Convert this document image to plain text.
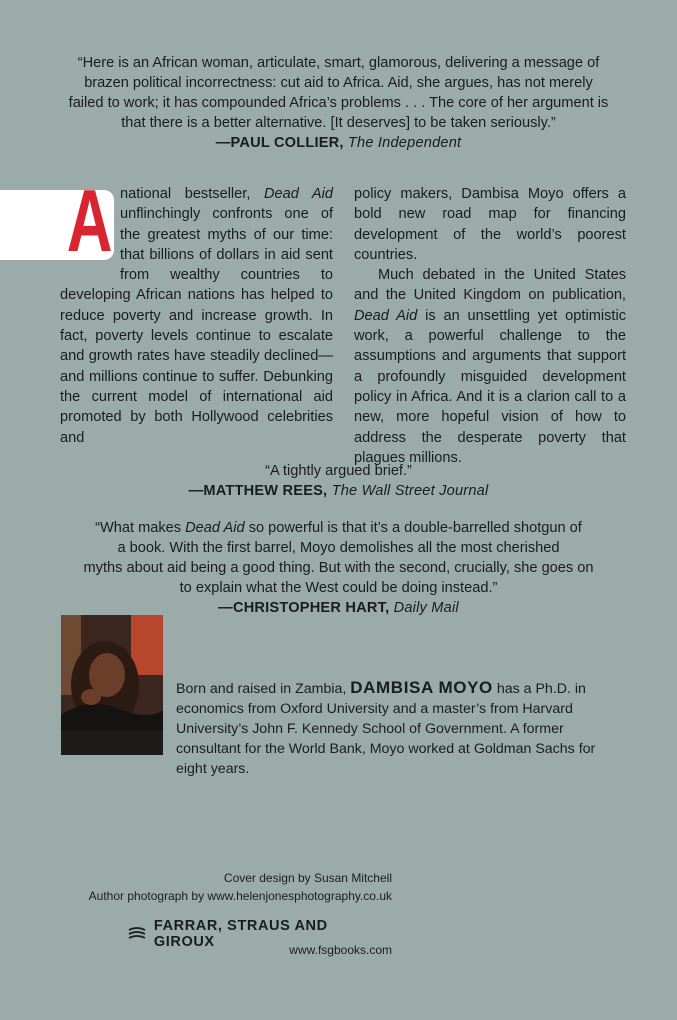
“Here is an African woman, articulate, smart, glamorous, delivering a message of
brazen political incorrectness: cut aid to Africa. Aid, she argues, has not merely
failed to work; it has compounded Africa’s problems . . . The core of her argument is
that there is a better alternative. [It deserves] to be taken seriously.”
—PAUL COLLIER, The Independent
A national bestseller, Dead Aid unflinchingly confronts one of the greatest myths of our time: that billions of dollars in aid sent from wealthy countries to developing African nations has helped to reduce poverty and increase growth. In fact, poverty levels continue to escalate and growth rates have steadily declined—and millions continue to suffer. Debunking the current model of international aid promoted by both Hollywood celebrities and

policy makers, Dambisa Moyo offers a bold new road map for financing development of the world’s poorest countries.

Much debated in the United States and the United Kingdom on publication, Dead Aid is an unsettling yet optimistic work, a powerful challenge to the assumptions and arguments that support a profoundly misguided development policy in Africa. And it is a clarion call to a new, more hopeful vision of how to address the desperate poverty that plagues millions.

“A tightly argued brief.”
—MATTHEW REES, The Wall Street Journal
“What makes Dead Aid so powerful is that it’s a double-barrelled shotgun of
a book. With the first barrel, Moyo demolishes all the most cherished
myths about aid being a good thing. But with the second, crucially, she goes on
to explain what the West could be doing instead.”
—CHRISTOPHER HART, Daily Mail
Born and raised in Zambia, DAMBISA MOYO has a Ph.D. in economics from Oxford University and a master’s from Harvard University’s John F. Kennedy School of Government. A former consultant for the World Bank, Moyo worked at Goldman Sachs for eight years.
Cover design by Susan Mitchell
Author photograph by www.helenjonesphotography.co.uk
FARRAR, STRAUS AND GIROUX	www.fsgbooks.com
